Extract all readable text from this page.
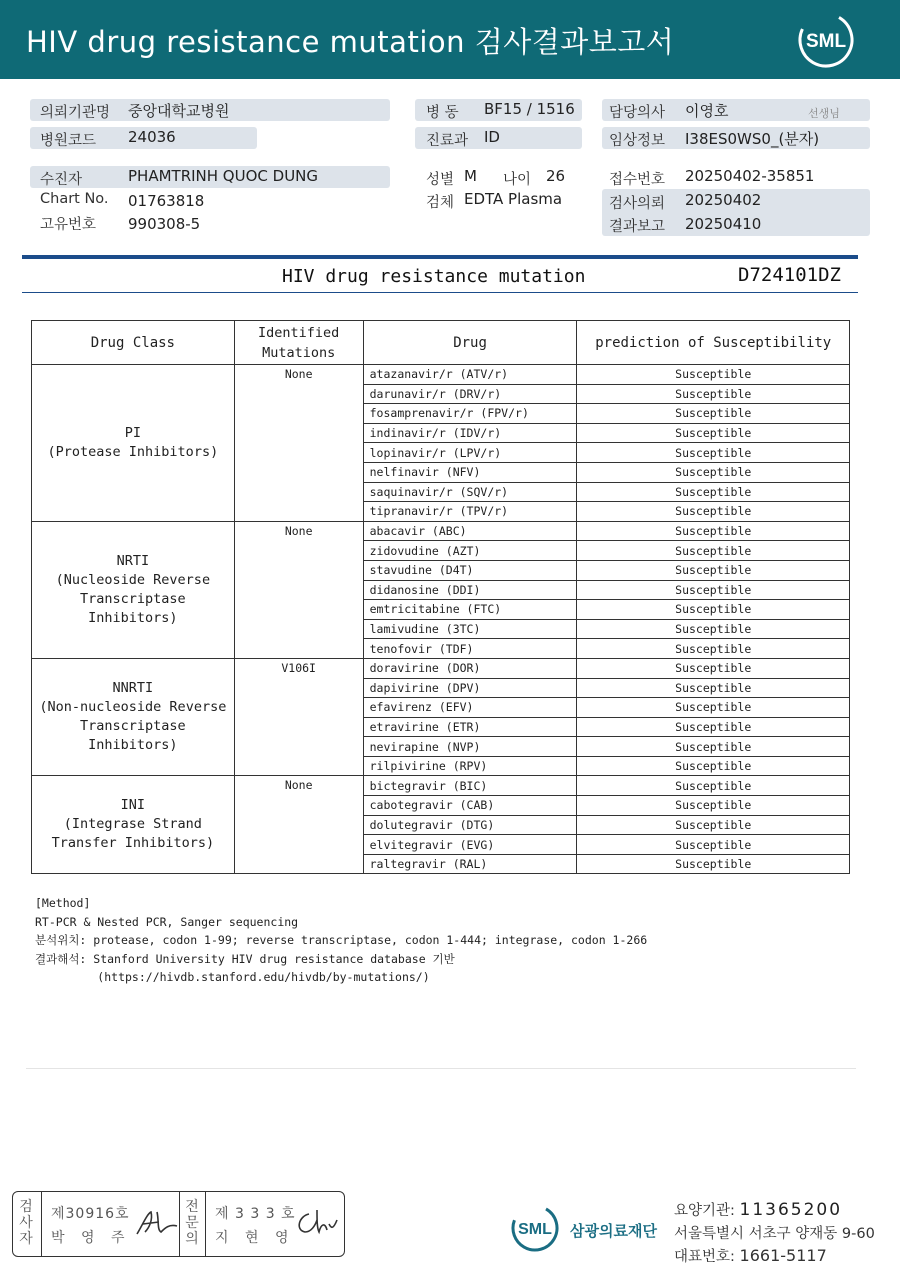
HIV drug resistance mutation 검사결과보고서	SML
의뢰기관명 중앙대학교병원	병 동 BF15 / 1516 담당의사 이영호	선생님
병원코드 24036	진료과 ID	임상정보 I38ES0WS0_(분자)
수진자	PHAMTRINH QUOC DUNG	성별 M 나이 26	접수번호 20250402-35851
Chart No. 01763818	검체 EDTA Plasma	검사의뢰 20250402
고유번호 990308-5	결과보고 20250410
HIV drug resistance mutation	D724101DZ
Drug Class	Identified Mutations	Drug	prediction of Susceptibility

PI
(Protease Inhibitors)	None	atazanavir/r (ATV/r)	Susceptible
		darunavir/r (DRV/r)	Susceptible
		fosamprenavir/r (FPV/r)	Susceptible
		indinavir/r (IDV/r)	Susceptible
		lopinavir/r (LPV/r)	Susceptible
		nelfinavir (NFV)	Susceptible
		saquinavir/r (SQV/r)	Susceptible
		tipranavir/r (TPV/r)	Susceptible

NRTI
(Nucleoside Reverse
Transcriptase Inhibitors)	None	abacavir (ABC)	Susceptible
		zidovudine (AZT)	Susceptible
		stavudine (D4T)	Susceptible
		didanosine (DDI)	Susceptible
		emtricitabine (FTC)	Susceptible
		lamivudine (3TC)	Susceptible
		tenofovir (TDF)	Susceptible

NNRTI
(Non-nucleoside Reverse
Transcriptase Inhibitors)	V106I	doravirine (DOR)	Susceptible
		dapivirine (DPV)	Susceptible
		efavirenz (EFV)	Susceptible
		etravirine (ETR)	Susceptible
		nevirapine (NVP)	Susceptible
		rilpivirine (RPV)	Susceptible

INI
(Integrase Strand
Transfer Inhibitors)	None	bictegravir (BIC)	Susceptible
		cabotegravir (CAB)	Susceptible
		dolutegravir (DTG)	Susceptible
		elvitegravir (EVG)	Susceptible
		raltegravir (RAL)	Susceptible
[Method]
RT-PCR & Nested PCR, Sanger sequencing
분석위치: protease, codon 1-99; reverse transcriptase, codon 1-444; integrase, codon 1-266
결과해석: Stanford University HIV drug resistance database 기반
(https://hivdb.stanford.edu/hivdb/by-mutations/)
검사자
제30916호
박 영 주
전문의
제 3 3 3 호
지 현 영	SML 삼광의료재단
요양기관: 11365200
서울특별시 서초구 양재동 9-60
대표번호: 1661-5117
